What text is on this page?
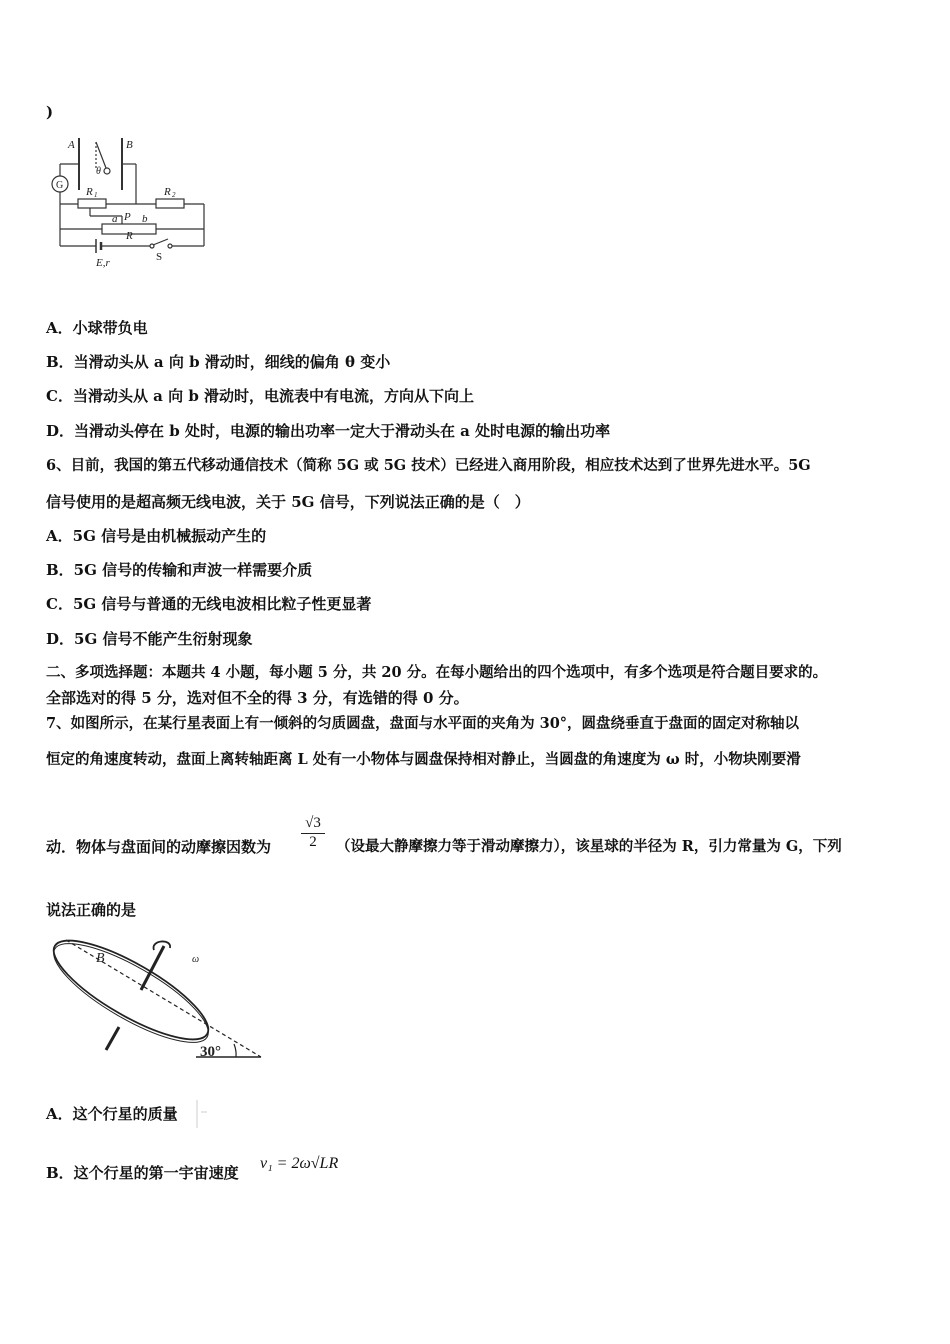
)
A	B
θ
G
R 1	R 2
a P b
R
E,r	S
A．小球带负电
B．当滑动头从 a 向 b 滑动时，细线的偏角 θ 变小
C．当滑动头从 a 向 b 滑动时，电流表中有电流，方向从下向上
D．当滑动头停在 b 处时，电源的输出功率一定大于滑动头在 a 处时电源的输出功率
6、目前，我国的第五代移动通信技术（简称 5G 或 5G 技术）已经进入商用阶段，相应技术达到了世界先进水平。5G
信号使用的是超高频无线电波，关于 5G 信号，下列说法正确的是（　）
A．5G 信号是由机械振动产生的
B．5G 信号的传输和声波一样需要介质
C．5G 信号与普通的无线电波相比粒子性更显著
D．5G 信号不能产生衍射现象
二、多项选择题：本题共 4 小题，每小题 5 分，共 20 分。在每小题给出的四个选项中，有多个选项是符合题目要求的。
全部选对的得 5 分，选对但不全的得 3 分，有选错的得 0 分。
7、如图所示，在某行星表面上有一倾斜的匀质圆盘，盘面与水平面的夹角为 30°，圆盘绕垂直于盘面的固定对称轴以
恒定的角速度转动，盘面上离转轴距离 L 处有一小物体与圆盘保持相对静止，当圆盘的角速度为 ω 时，小物块刚要滑
动．物体与盘面间的动摩擦因数为
√3
2	（设最大静摩擦力等于滑动摩擦力），该星球的半径为 R，引力常量为 G，下列
说法正确的是
B	ω
30°
A．这个行星的质量
B．这个行星的第一宇宙速度
v₁ = 2ω√LR
